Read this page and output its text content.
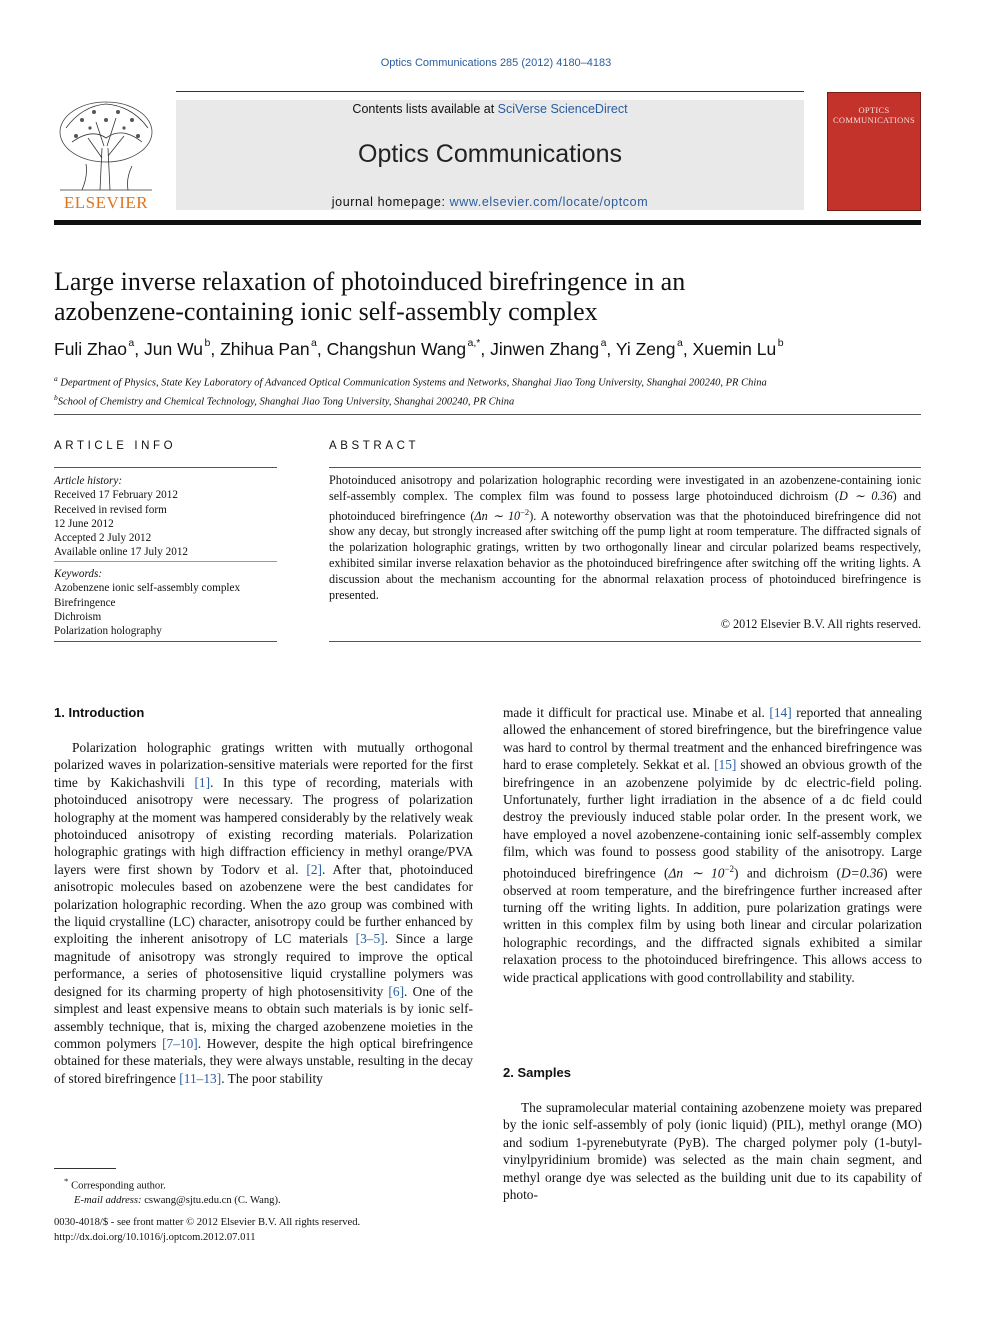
Optics Communications 285 (2012) 4180–4183
ELSEVIER
Contents lists available at SciVerse ScienceDirect
Optics Communications
journal homepage: www.elsevier.com/locate/optcom
OPTICS
COMMUNICATIONS
Large inverse relaxation of photoinduced birefringence in an
azobenzene-containing ionic self-assembly complex
Fuli Zhao $^a$, Jun Wu $^b$, Zhihua Pan $^a$, Changshun Wang $^{a,*}$, Jinwen Zhang $^a$, Yi Zeng $^a$, Xuemin Lu $^b$
$^a$ Department of Physics, State Key Laboratory of Advanced Optical Communication Systems and Networks, Shanghai Jiao Tong University, Shanghai 200240, PR China
$^b$School of Chemistry and Chemical Technology, Shanghai Jiao Tong University, Shanghai 200240, PR China
ARTICLE INFO
Article history:
Received 17 February 2012
Received in revised form
12 June 2012
Accepted 2 July 2012
Available online 17 July 2012
Keywords:
Azobenzene ionic self-assembly complex
Birefringence
Dichroism
Polarization holography
ABSTRACT
Photoinduced anisotropy and polarization holographic recording were investigated in an azobenzene-containing ionic self-assembly complex. The complex film was found to possess large photoinduced dichroism (D ∼ 0.36) and photoinduced birefringence (Δn ∼ $10^{-2}$). A noteworthy observation was that the photoinduced birefringence did not show any decay, but strongly increased after switching off the pump light at room temperature. The diffracted signals of the polarization holographic gratings, written by two orthogonally linear and circular polarized beams respectively, exhibited similar inverse relaxation behavior as the photoinduced birefringence after switching off the writing lights. A discussion about the mechanism accounting for the abnormal relaxation process of photoinduced birefringence is presented.
© 2012 Elsevier B.V. All rights reserved.
1. Introduction

Polarization holographic gratings written with mutually orthogonal polarized waves in polarization-sensitive materials were reported for the first time by Kakichashvili [1]. In this type of recording, materials with photoinduced anisotropy were necessary. The progress of polarization holography at the moment was hampered considerably by the relatively weak photoinduced anisotropy of existing recording materials. Polarization holographic gratings with high diffraction efficiency in methyl orange/PVA layers were first shown by Todorv et al. [2]. After that, photoinduced anisotropic molecules based on azobenzene were the best candidates for polarization holographic recording. When the azo group was combined with the liquid crystalline (LC) character, anisotropy could be further enhanced by exploiting the inherent anisotropy of LC materials [3–5]. Since a large magnitude of anisotropy was strongly required to improve the optical performance, a series of photosensitive liquid crystalline polymers was designed for its charming property of high photosensitivity [6]. One of the simplest and least expensive means to obtain such materials is by ionic self-assembly technique, that is, mixing the charged azobenzene moieties in the common polymers [7–10]. However, despite the high optical birefringence obtained for these materials, they were always unstable, resulting in the decay of stored birefringence [11–13]. The poor stability

made it difficult for practical use. Minabe et al. [14] reported that annealing allowed the enhancement of stored birefringence, but the birefringence value was hard to control by thermal treatment and the enhanced birefringence was hard to erase completely. Sekkat et al. [15] showed an obvious growth of the birefringence in an azobenzene polyimide by dc electric-field poling. Unfortunately, further light irradiation in the absence of a dc field could destroy the previously induced stable polar order. In the present work, we have employed a novel azobenzene-containing ionic self-assembly complex film, which was found to possess good stability of the anisotropy. Large photoinduced birefringence (Δn ∼ $10^{-2}$) and dichroism (D=0.36) were observed at room temperature, and the birefringence further increased after turning off the writing lights. In addition, pure polarization gratings were written in this complex film by using both linear and circular polarization holographic recordings, and the diffracted signals exhibited a similar relaxation process to the photoinduced birefringence. This allows access to wide practical applications with good controllability and stability.

2. Samples

The supramolecular material containing azobenzene moiety was prepared by the ionic self-assembly of poly (ionic liquid) (PIL), methyl orange (MO) and sodium 1-pyrenebutyrate (PyB). The charged polymer poly (1-butyl-vinylpyridinium bromide) was selected as the main chain segment, and methyl orange dye was selected as the building unit due to its capability of photo-

* Corresponding author.
E-mail address: cswang@sjtu.edu.cn (C. Wang).
0030-4018/$ - see front matter © 2012 Elsevier B.V. All rights reserved.
http://dx.doi.org/10.1016/j.optcom.2012.07.011
